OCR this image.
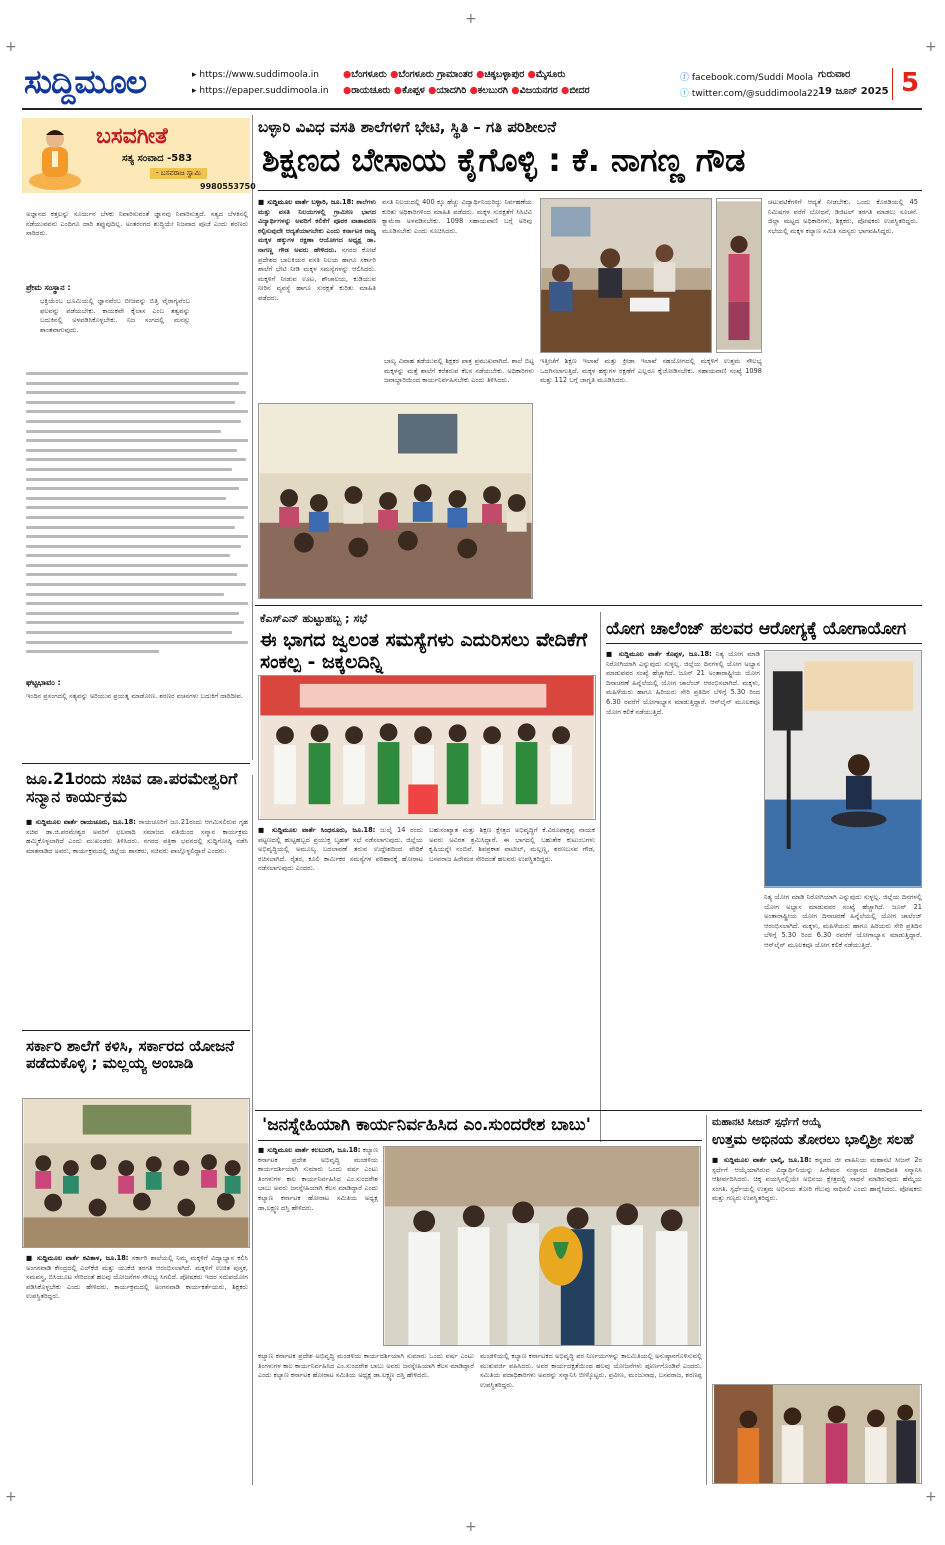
+	+
+	+
+
+
ಸುದ್ದಿಮೂಲ	▸ https://www.suddimoola.in
▸ https://epaper.suddimoola.in
●ಬೆಂಗಳೂರು ●ಬೆಂಗಳೂರು ಗ್ರಾಮಾಂತರ ●ಚಿಕ್ಕಬಳ್ಳಾಪುರ ●ಮೈಸೂರು
●ರಾಯಚೂರು ●ಕೊಪ್ಪಳ ●ಯಾದಗಿರಿ ●ಕಲಬುರಗಿ ●ವಿಜಯನಗರ ●ಬೀದರ
ⓕ facebook.com/Suddi Moola
ⓣ twitter.com/@suddimoola22
ಗುರುವಾರ
19 ಜೂನ್ 2025 5
ಬಸವಗೀತೆ
ಸತ್ಯ ಸಂವಾದ -583
- ಬಸವರಾಜ ಸ್ವಾಮಿ
9980553750
ಅಜ್ಞಾನದ ಕತ್ತಲನ್ನು ಸೂರ್ಯನ ಬೆಳಕು ನಿವಾರಿಸುವಂತೆ ಜ್ಞಾನವು ನಿವಾರಿಸುತ್ತದೆ. ಸತ್ಯದ ಬೆಳಕಿನಲ್ಲಿ ನಡೆಯುವವನು ಎಂದಿಗೂ ದಾರಿ ತಪ್ಪುವುದಿಲ್ಲ. ಅಂತರಂಗದ ಶುದ್ಧಿಯೇ ನಿಜವಾದ ಪೂಜೆ ಎಂದು ಶರಣರು ಸಾರಿದರು.
ಪ್ರೇಮ ಸಂಸ್ಥಾನ :
ಭಕ್ತಿಯೆಂಬ ಭೂಮಿಯಲ್ಲಿ ಜ್ಞಾನವೆಂಬ ಬೀಜವನ್ನು ಬಿತ್ತಿ ವೈರಾಗ್ಯವೆಂಬ ಫಲವನ್ನು ಪಡೆಯಬೇಕು. ಕಾಯಕವೇ ಕೈಲಾಸ ಎಂಬ ತತ್ವವನ್ನು ಬದುಕಿನಲ್ಲಿ ಅಳವಡಿಸಿಕೊಳ್ಳಬೇಕು. ನಿಜ ಸಂಗದಲ್ಲಿ ಮನಸ್ಸು ಶಾಂತವಾಗುವುದು.
ಘಟ್ಟಭಾವಂ :
ಇಂದಿನ ಪ್ರಸಂಗದಲ್ಲಿ ಸತ್ಯವನ್ನು ಅರಿಯುವ ಪ್ರಯತ್ನ ಮಾಡೋಣ. ಶರಣರ ವಚನಗಳು ಬದುಕಿಗೆ ದಾರಿದೀಪ.
ಬಳ್ಳಾರಿ ವಿವಿಧ ವಸತಿ ಶಾಲೆಗಳಿಗೆ ಭೇಟಿ, ಸ್ಥಿತಿ – ಗತಿ ಪರಿಶೀಲನೆ
ಶಿಕ್ಷಣದ ಬೇಸಾಯ ಕೈಗೊಳ್ಳಿ : ಕೆ. ನಾಗಣ್ಣ ಗೌಡ
■ ಸುದ್ದಿಮೂಲ ವಾರ್ತೆ ಬಳ್ಳಾರಿ, ಜೂ.18: ಶಾಲೆಗಳು ಮತ್ತು ವಸತಿ ನಿಲಯಗಳಲ್ಲಿ ಗ್ರಾಮೀಣ ಭಾಗದ ವಿದ್ಯಾರ್ಥಿಗಳನ್ನು ಅವರಿಗೆ ಕಲಿಕೆಗೆ ಪೂರಕ ವಾತಾವರಣ ಕಲ್ಪಿಸುವುದೇ ಆದ್ಯತೆಯಾಗಬೇಕು ಎಂದು ಕರ್ನಾಟಕ ರಾಜ್ಯ ಮಕ್ಕಳ ಹಕ್ಕುಗಳ ರಕ್ಷಣಾ ಆಯೋಗದ ಅಧ್ಯಕ್ಷ ಡಾ. ನಾಗಣ್ಣ ಗೌಡ ಅವರು ಹೇಳಿದರು. ನಗರದ ಕೋಟೆ ಪ್ರದೇಶದ ಬಾಲಕಿಯರ ವಸತಿ ನಿಲಯ ಹಾಗೂ ಸರ್ಕಾರಿ ಶಾಲೆಗೆ ಭೇಟಿ ನೀಡಿ ಮಕ್ಕಳ ಸಮಸ್ಯೆಗಳನ್ನು ಆಲಿಸಿದರು. ಮಕ್ಕಳಿಗೆ ನೀಡುವ ಊಟ, ಶೌಚಾಲಯ, ಕುಡಿಯುವ ನೀರಿನ ವ್ಯವಸ್ಥೆ ಹಾಗೂ ಸುರಕ್ಷತೆ ಕುರಿತು ಮಾಹಿತಿ ಪಡೆದರು.
ವಸತಿ ನಿಲಯದಲ್ಲಿ 400 ಕ್ಕೂ ಹೆಚ್ಚು ವಿದ್ಯಾರ್ಥಿನಿಯರಿದ್ದು ನಿರ್ವಹಣೆಯ ಕುರಿತು ಅಧಿಕಾರಿಗಳಿಂದ ಮಾಹಿತಿ ಪಡೆದರು. ಮಕ್ಕಳ ಸುರಕ್ಷತೆಗೆ ಸಿಸಿಟಿವಿ ಕ್ಯಾಮೆರಾ ಅಳವಡಿಸಬೇಕು. 1098 ಸಹಾಯವಾಣಿ ಬಗ್ಗೆ ಅರಿವು ಮೂಡಿಸಬೇಕು ಎಂದು ಸೂಚಿಸಿದರು.
ಚಟುವಟಿಕೆಗಳಿಗೆ ಆದ್ಯತೆ ನೀಡಬೇಕು. ಒಂದು ಕೊಠಡಿಯಲ್ಲಿ 45 ನಿಮಿಷಗಳ ವರೆಗೆ ಬೋಧನೆ, ಡಿಜಿಟಲ್ ತರಗತಿ ಮಾಡಲು ಸೂಚನೆ. ಜಿಲ್ಲಾ ಮಟ್ಟದ ಅಧಿಕಾರಿಗಳು, ಶಿಕ್ಷಕರು, ಪೋಷಕರು ಉಪಸ್ಥಿತರಿದ್ದರು. ಸಭೆಯಲ್ಲಿ ಮಕ್ಕಳ ಕಲ್ಯಾಣ ಸಮಿತಿ ಸದಸ್ಯರು ಭಾಗವಹಿಸಿದ್ದರು.
ಬಾಲ್ಯ ವಿವಾಹ ತಡೆಯುವಲ್ಲಿ ಶಿಕ್ಷಕರ ಪಾತ್ರ ಪ್ರಮುಖವಾಗಿದೆ. ಶಾಲೆ ಬಿಟ್ಟ ಮಕ್ಕಳನ್ನು ಮತ್ತೆ ಶಾಲೆಗೆ ಕರೆತರುವ ಕೆಲಸ ನಡೆಯಬೇಕು. ಅಧಿಕಾರಿಗಳು ಜವಾಬ್ದಾರಿಯಿಂದ ಕಾರ್ಯನಿರ್ವಹಿಸಬೇಕು ಎಂದು ತಿಳಿಸಿದರು.
ಇತ್ತೀಚೆಗೆ ಶಿಕ್ಷಣ ಇಲಾಖೆ ಮತ್ತು ಕ್ರೀಡಾ ಇಲಾಖೆ ಸಹಯೋಗದಲ್ಲಿ ಮಕ್ಕಳಿಗೆ ಉತ್ತಮ ಸೌಲಭ್ಯ ಒದಗಿಸಲಾಗುತ್ತಿದೆ. ಮಕ್ಕಳ ಹಕ್ಕುಗಳ ರಕ್ಷಣೆಗೆ ಎಲ್ಲರೂ ಕೈಜೋಡಿಸಬೇಕು. ಸಹಾಯವಾಣಿ ಸಂಖ್ಯೆ 1098 ಮತ್ತು 112 ಬಗ್ಗೆ ಜಾಗೃತಿ ಮೂಡಿಸಿದರು.
ಕೆಎಸ್‌ಎನ್ ಹುಟ್ಟುಹಬ್ಬ ; ಸಭೆ
ಈ ಭಾಗದ ಜ್ವಲಂತ ಸಮಸ್ಯೆಗಳು ಎದುರಿಸಲು ವೇದಿಕೆಗೆ ಸಂಕಲ್ಪ - ಜಕ್ಕಲದಿನ್ನಿ
■ ಸುದ್ದಿಮೂಲ ವಾರ್ತೆ ಸಿಂಧನೂರು, ಜೂ.18: ಜುಲೈ 14 ರಂದು ಪಟ್ಟಣದಲ್ಲಿ ಹುಟ್ಟಹಬ್ಬದ ಪ್ರಯುಕ್ತ ಬೃಹತ್ ಸಭೆ ನಡೆಸಲಾಗುವುದು. ಜಿಲ್ಲೆಯ ಅಭಿವೃದ್ಧಿಯಲ್ಲಿ ಅಮೂಲ್ಯ ಬದಲಾವಣೆ ತರುವ ಉದ್ದೇಶದಿಂದ ವೇದಿಕೆ ರಚಿಸಲಾಗಿದೆ. ರೈತರ, ಕೂಲಿ ಕಾರ್ಮಿಕರ ಸಮಸ್ಯೆಗಳ ಪರಿಹಾರಕ್ಕೆ ಹೋರಾಟ ನಡೆಸಲಾಗುವುದು ಎಂದರು.
ಬಹುಸಂಖ್ಯಾತ ಮತ್ತು ಶಿಕ್ಷಣ ಕ್ಷೇತ್ರದ ಅಭಿವೃದ್ಧಿಗೆ ಕೆ.ವಿರೂಪಾಕ್ಷಪ್ಪ ನಾಯಕ ಅವರು ಅವಿರತ ಶ್ರಮಿಸಿದ್ದಾರೆ. ಈ ಭಾಗದಲ್ಲಿ ಬಹುತೇಕ ಕುಟುಂಬಗಳು ಕೃಷಿಯನ್ನೇ ನಂಬಿವೆ. ಶಿವಪ್ರಕಾಶ ಪಾಟೀಲ್, ಮಲ್ಲಣ್ಣ, ಶರಣಬಸವ ಗೌಡ, ಬಸವರಾಜ ಹಿರೇಮಠ ಸೇರಿದಂತೆ ಹಲವರು ಉಪಸ್ಥಿತರಿದ್ದರು.
ಯೋಗ ಚಾಲೆಂಜ್ ಹಲವರ ಆರೋಗ್ಯಕ್ಕೆ ಯೋಗಾಯೋಗ
■ ಸುದ್ದಿಮೂಲ ವಾರ್ತೆ ಕೊಪ್ಪಳ, ಜೂ.18: ನಿತ್ಯ ಯೋಗ ಮಾಡಿ ನಿರೋಗಿಯಾಗಿ ಎನ್ನುವುದು ಸುಳ್ಳಲ್ಲ. ಜಿಲ್ಲೆಯ ದಿನಗಳಲ್ಲಿ ಯೋಗ ಅಭ್ಯಾಸ ಮಾಡುವವರ ಸಂಖ್ಯೆ ಹೆಚ್ಚಾಗಿದೆ. ಜೂನ್ 21 ಅಂತಾರಾಷ್ಟ್ರೀಯ ಯೋಗ ದಿನಾಚರಣೆ ಹಿನ್ನೆಲೆಯಲ್ಲಿ ಯೋಗ ಚಾಲೆಂಜ್ ಆರಂಭಿಸಲಾಗಿದೆ. ಮಕ್ಕಳು, ಮಹಿಳೆಯರು ಹಾಗೂ ಹಿರಿಯರು ಸೇರಿ ಪ್ರತಿದಿನ ಬೆಳಿಗ್ಗೆ 5.30 ರಿಂದ 6.30 ರವರೆಗೆ ಯೋಗಾಭ್ಯಾಸ ಮಾಡುತ್ತಿದ್ದಾರೆ. ಆನ್‌ಲೈನ್ ಮೂಲಕವೂ ಯೋಗ ಕಲಿಕೆ ನಡೆಯುತ್ತಿದೆ.
ನಿತ್ಯ ಯೋಗ ಮಾಡಿ ನಿರೋಗಿಯಾಗಿ ಎನ್ನುವುದು ಸುಳ್ಳಲ್ಲ. ಜಿಲ್ಲೆಯ ದಿನಗಳಲ್ಲಿ ಯೋಗ ಅಭ್ಯಾಸ ಮಾಡುವವರ ಸಂಖ್ಯೆ ಹೆಚ್ಚಾಗಿದೆ. ಜೂನ್ 21 ಅಂತಾರಾಷ್ಟ್ರೀಯ ಯೋಗ ದಿನಾಚರಣೆ ಹಿನ್ನೆಲೆಯಲ್ಲಿ ಯೋಗ ಚಾಲೆಂಜ್ ಆರಂಭಿಸಲಾಗಿದೆ. ಮಕ್ಕಳು, ಮಹಿಳೆಯರು ಹಾಗೂ ಹಿರಿಯರು ಸೇರಿ ಪ್ರತಿದಿನ ಬೆಳಿಗ್ಗೆ 5.30 ರಿಂದ 6.30 ರವರೆಗೆ ಯೋಗಾಭ್ಯಾಸ ಮಾಡುತ್ತಿದ್ದಾರೆ. ಆನ್‌ಲೈನ್ ಮೂಲಕವೂ ಯೋಗ ಕಲಿಕೆ ನಡೆಯುತ್ತಿದೆ.
ಜೂ.21ರಂದು ಸಚಿವ ಡಾ.ಪರಮೇಶ್ವರಿಗೆ ಸನ್ಮಾನ ಕಾರ್ಯಕ್ರಮ
■ ಸುದ್ದಿಮೂಲ ವಾರ್ತೆ ರಾಯಚೂರು, ಜೂ.18: ರಾಯಚೂರಿಗೆ ಜೂ.21ರಂದು ಆಗಮಿಸಲಿರುವ ಗೃಹ ಸಚಿವ ಡಾ.ಜಿ.ಪರಮೇಶ್ವರ ಅವರಿಗೆ ಛಲವಾದಿ ಸಮಾಜದ ವತಿಯಿಂದ ಸನ್ಮಾನ ಕಾರ್ಯಕ್ರಮ ಹಮ್ಮಿಕೊಳ್ಳಲಾಗಿದೆ ಎಂದು ಮುಖಂಡರು ತಿಳಿಸಿದರು. ನಗರದ ಪತ್ರಿಕಾ ಭವನದಲ್ಲಿ ಸುದ್ದಿಗೋಷ್ಠಿ ನಡೆಸಿ ಮಾತನಾಡಿದ ಅವರು, ಕಾರ್ಯಕ್ರಮದಲ್ಲಿ ಜಿಲ್ಲೆಯ ಶಾಸಕರು, ಸಚಿವರು ಪಾಲ್ಗೊಳ್ಳಲಿದ್ದಾರೆ ಎಂದರು.
ಸರ್ಕಾರಿ ಶಾಲೆಗೆ ಕಳಿಸಿ, ಸರ್ಕಾರದ ಯೋಜನೆ ಪಡೆದುಕೊಳ್ಳಿ ; ಮಲ್ಲಯ್ಯ ಅಂಬಾಡಿ
■ ಸುದ್ದಿಮೂಲ ವಾರ್ತೆ ಕವಿತಾಳ, ಜೂ.18: ಸರ್ಕಾರಿ ಶಾಲೆಯಲ್ಲಿ ನಿಮ್ಮ ಮಕ್ಕಳಿಗೆ ವಿದ್ಯಾಭ್ಯಾಸ ಕಲಿಸಿ ಅಂಗನವಾಡಿ ಕೇಂದ್ರದಲ್ಲಿ ಎಲ್‌ಕೆಜಿ ಮತ್ತು ಯುಕೆಜಿ ತರಗತಿ ಆರಂಭಿಸಲಾಗಿದೆ. ಮಕ್ಕಳಿಗೆ ಉಚಿತ ಪುಸ್ತಕ, ಸಮವಸ್ತ್ರ, ಬಿಸಿಯೂಟ ಸೇರಿದಂತೆ ಹಲವು ಯೋಜನೆಗಳ ಸೌಲಭ್ಯ ಸಿಗಲಿದೆ. ಪೋಷಕರು ಇದರ ಸದುಪಯೋಗ ಪಡಿಸಿಕೊಳ್ಳಬೇಕು ಎಂದು ಹೇಳಿದರು. ಕಾರ್ಯಕ್ರಮದಲ್ಲಿ ಅಂಗನವಾಡಿ ಕಾರ್ಯಕರ್ತೆಯರು, ಶಿಕ್ಷಕರು ಉಪಸ್ಥಿತರಿದ್ದರು.
'ಜನಸ್ನೇಹಿಯಾಗಿ ಕಾರ್ಯನಿರ್ವಹಿಸಿದ ಎಂ.ಸುಂದರೇಶ ಬಾಬು'
■ ಸುದ್ದಿಮೂಲ ವಾರ್ತೆ ಕಲಬುರಗಿ, ಜೂ.18: ಕಲ್ಯಾಣ ಕರ್ನಾಟಕ ಪ್ರದೇಶ ಅಭಿವೃದ್ಧಿ ಮಂಡಳಿಯ ಕಾರ್ಯದರ್ಶಿಯಾಗಿ ಸುಮಾರು ಒಂದು ವರ್ಷ ಎಂಟು ತಿಂಗಳುಗಳ ಕಾಲ ಕಾರ್ಯನಿರ್ವಹಿಸಿದ ಎಂ.ಸುಂದರೇಶ ಬಾಬು ಅವರು ಜನಸ್ನೇಹಿಯಾಗಿ ಕೆಲಸ ಮಾಡಿದ್ದಾರೆ ಎಂದು ಕಲ್ಯಾಣ ಕರ್ನಾಟಕ ಹೋರಾಟ ಸಮಿತಿಯ ಅಧ್ಯಕ್ಷ ಡಾ.ಲಕ್ಷ್ಮಣ ದಸ್ತಿ ಹೇಳಿದರು.
ಕಲ್ಯಾಣ ಕರ್ನಾಟಕ ಪ್ರದೇಶ ಅಭಿವೃದ್ಧಿ ಮಂಡಳಿಯ ಕಾರ್ಯದರ್ಶಿಯಾಗಿ ಸುಮಾರು ಒಂದು ವರ್ಷ ಎಂಟು ತಿಂಗಳುಗಳ ಕಾಲ ಕಾರ್ಯನಿರ್ವಹಿಸಿದ ಎಂ.ಸುಂದರೇಶ ಬಾಬು ಅವರು ಜನಸ್ನೇಹಿಯಾಗಿ ಕೆಲಸ ಮಾಡಿದ್ದಾರೆ ಎಂದು ಕಲ್ಯಾಣ ಕರ್ನಾಟಕ ಹೋರಾಟ ಸಮಿತಿಯ ಅಧ್ಯಕ್ಷ ಡಾ.ಲಕ್ಷ್ಮಣ ದಸ್ತಿ ಹೇಳಿದರು.
ಮಂಡಳಿಯಲ್ಲಿ ಕಲ್ಯಾಣ ಕರ್ನಾಟಕದ ಅಭಿವೃದ್ಧಿ ಪರ ನಿರ್ಣಯಗಳನ್ನು ಕಾಲಮಿತಿಯಲ್ಲಿ ಅನುಷ್ಠಾನಗೊಳಿಸುವಲ್ಲಿ ಮುತುವರ್ಜಿ ವಹಿಸಿದರು. ಅವರ ಕಾರ್ಯದಕ್ಷತೆಯಿಂದ ಹಲವು ಯೋಜನೆಗಳು ಪೂರ್ಣಗೊಂಡಿವೆ ಎಂದರು. ಸಮಿತಿಯ ಪದಾಧಿಕಾರಿಗಳು ಅವರನ್ನು ಸನ್ಮಾನಿಸಿ ಬೀಳ್ಕೊಟ್ಟರು. ಪ್ರವೀಣ, ಮಂಜುನಾಥ, ಬಸವರಾಜ, ಶರಣಪ್ಪ ಉಪಸ್ಥಿತರಿದ್ದರು.
ಮಹಾನಟಿ ಸೀಜನ್ ಸ್ಪರ್ಧೆಗೆ ಆಯ್ಕೆ
ಉತ್ತಮ ಅಭಿನಯ ತೋರಲು ಭಾಲ್ಕಿಶ್ರೀ ಸಲಹೆ
■ ಸುದ್ದಿಮೂಲ ವಾರ್ತೆ ಭಾಲ್ಕಿ, ಜೂ.18: ಕನ್ನಡದ ಜೀ ವಾಹಿನಿಯ ಮಹಾನಟಿ ಸೀಜನ್ 2ರ ಸ್ಪರ್ಧೆಗೆ ಆಯ್ಕೆಯಾಗಿರುವ ವಿದ್ಯಾರ್ಥಿನಿಯನ್ನು ಹಿರೇಮಠ ಸಂಸ್ಥಾನದ ಪೀಠಾಧಿಪತಿ ಸನ್ಮಾನಿಸಿ ಆಶೀರ್ವದಿಸಿದರು. ಚಿಕ್ಕ ವಯಸ್ಸಿನಲ್ಲಿಯೇ ಅಭಿನಯ ಕ್ಷೇತ್ರದಲ್ಲಿ ಸಾಧನೆ ಮಾಡಿರುವುದು ಹೆಮ್ಮೆಯ ಸಂಗತಿ. ಸ್ಪರ್ಧೆಯಲ್ಲಿ ಉತ್ತಮ ಅಭಿನಯ ತೋರಿ ಗೆಲುವು ಸಾಧಿಸಲಿ ಎಂದು ಹಾರೈಸಿದರು. ಪೋಷಕರು ಮತ್ತು ಗಣ್ಯರು ಉಪಸ್ಥಿತರಿದ್ದರು.
